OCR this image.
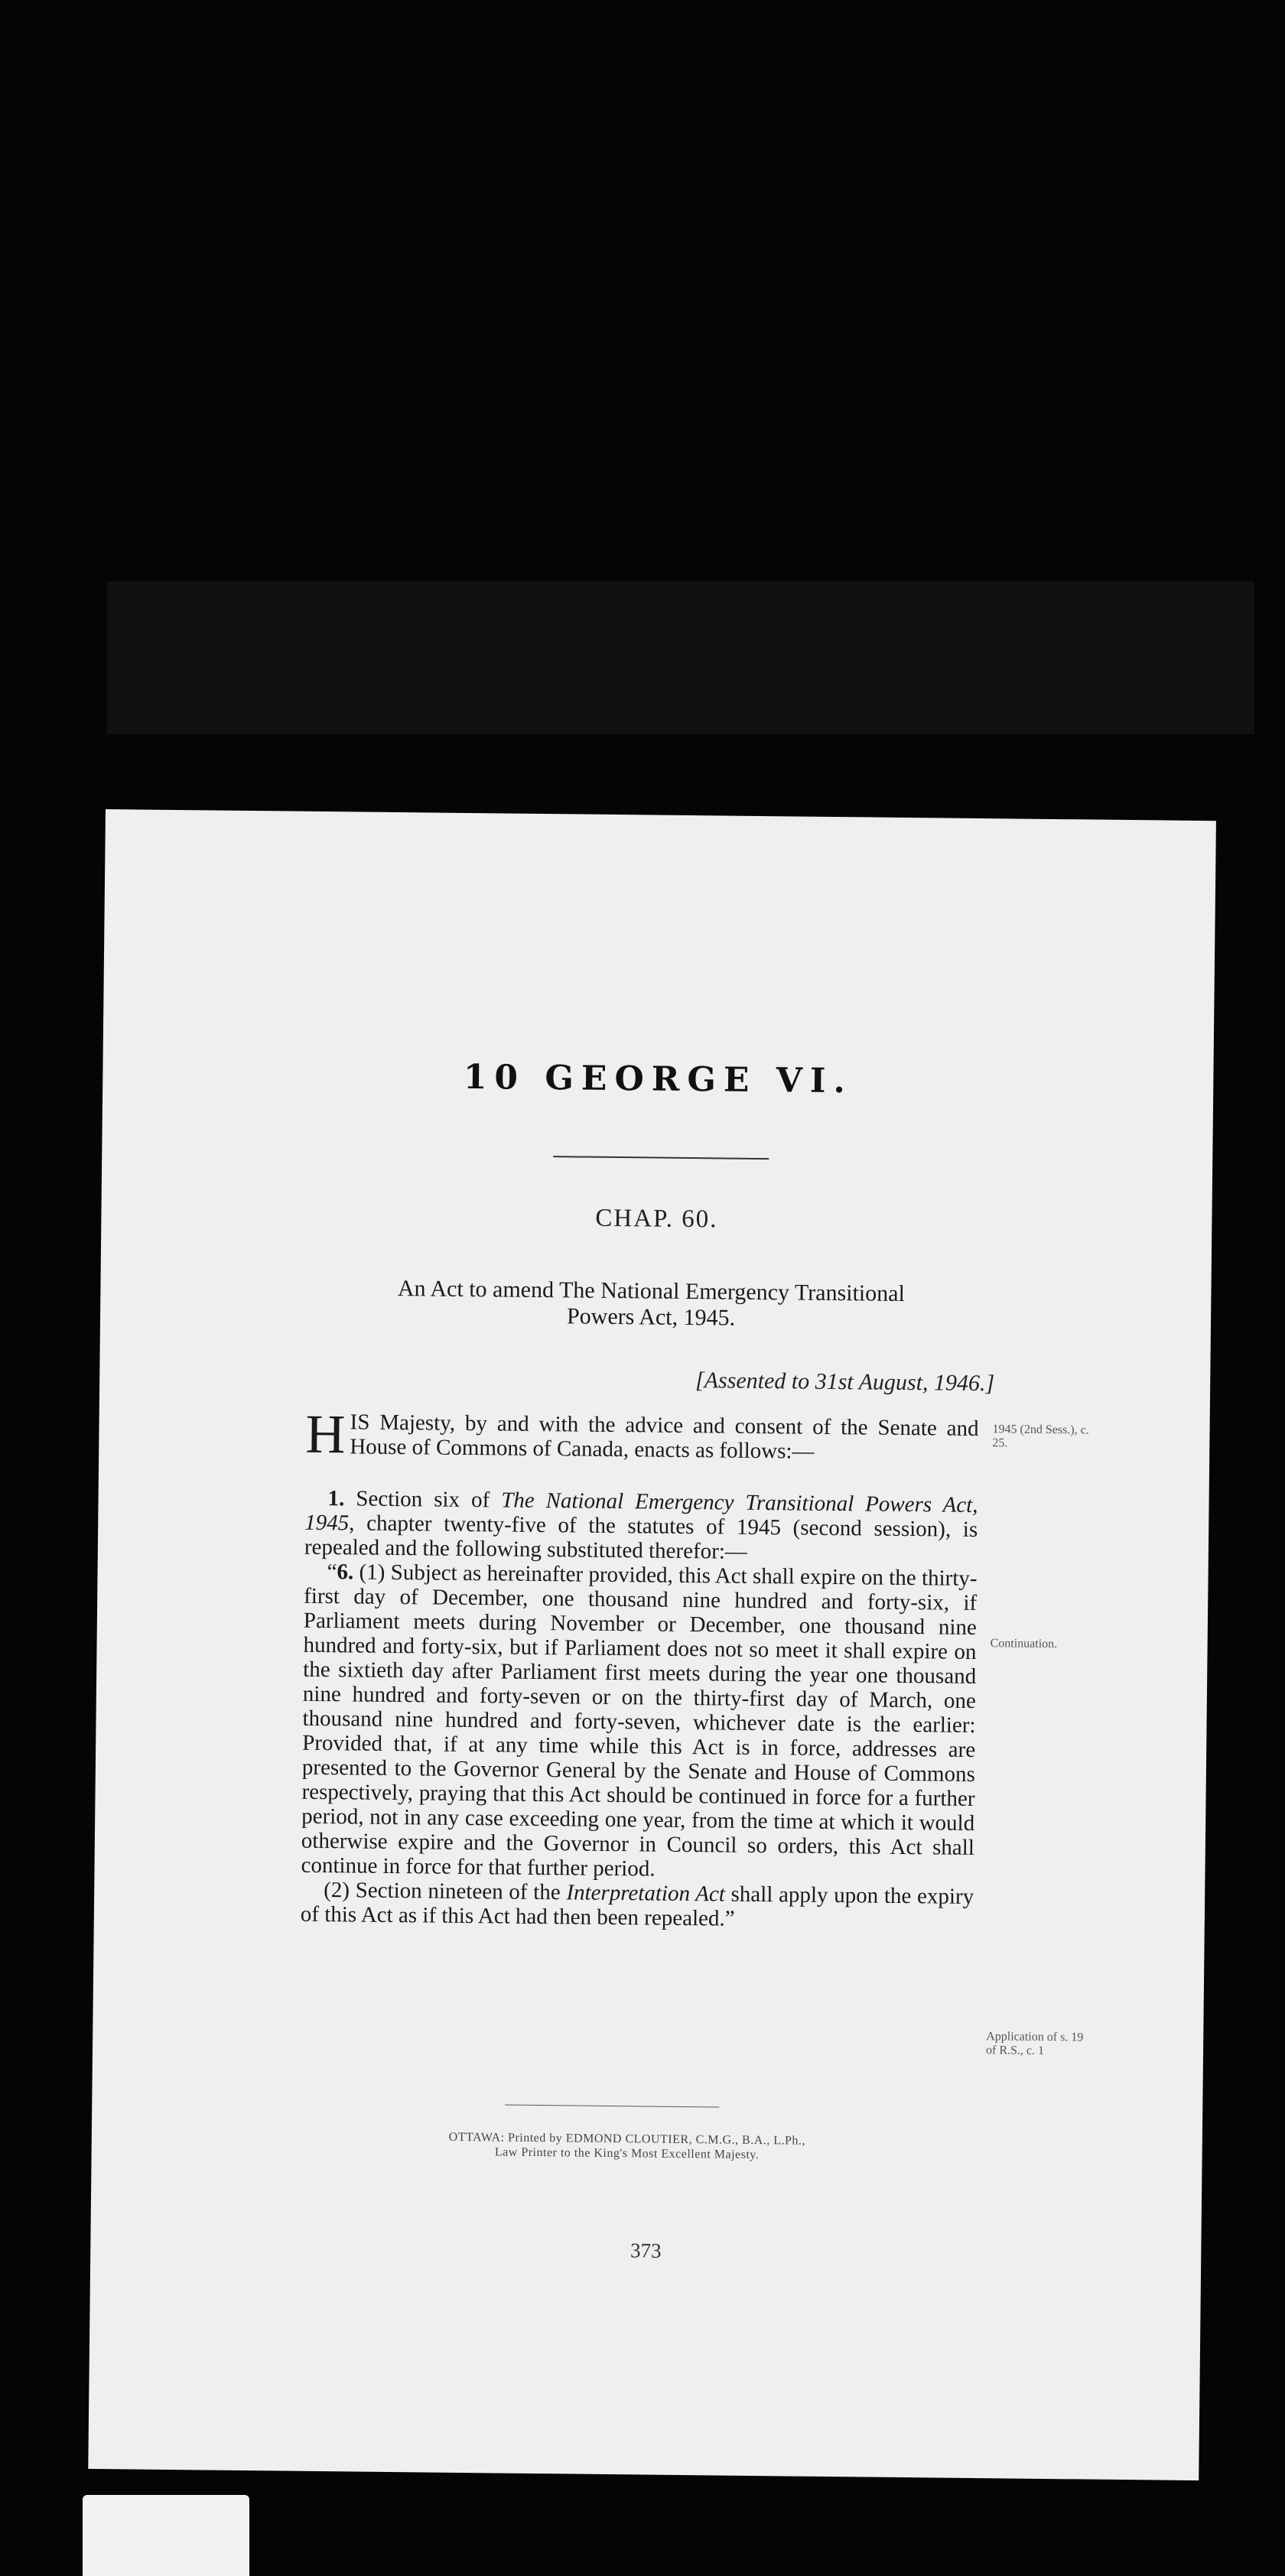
10 GEORGE VI.
CHAP. 60.
An Act to amend The National Emergency Transitional
Powers Act, 1945.
[Assented to 31st August, 1946.]

HIS Majesty, by and with the advice and consent of the Senate and House of Commons of Canada, enacts as follows:—

1. Section six of The National Emergency Transitional Powers Act, 1945, chapter twenty-five of the statutes of 1945 (second session), is repealed and the following substituted therefor:—

“6. (1) Subject as hereinafter provided, this Act shall expire on the thirty-first day of December, one thousand nine hundred and forty-six, if Parliament meets during November or December, one thousand nine hundred and forty-six, but if Parliament does not so meet it shall expire on the sixtieth day after Parliament first meets during the year one thousand nine hundred and forty-seven or on the thirty-first day of March, one thousand nine hundred and forty-seven, whichever date is the earlier: Provided that, if at any time while this Act is in force, addresses are presented to the Governor General by the Senate and House of Commons respectively, praying that this Act should be continued in force for a further period, not in any case exceeding one year, from the time at which it would otherwise expire and the Governor in Council so orders, this Act shall continue in force for that further period.

(2) Section nineteen of the Interpretation Act shall apply upon the expiry of this Act as if this Act had then been repealed.”

1945 (2nd Sess.), c. 25.
Continuation.
Application of s. 19 of R.S., c. 1
OTTAWA: Printed by EDMOND CLOUTIER, C.M.G., B.A., L.Ph.,
Law Printer to the King's Most Excellent Majesty.
373
